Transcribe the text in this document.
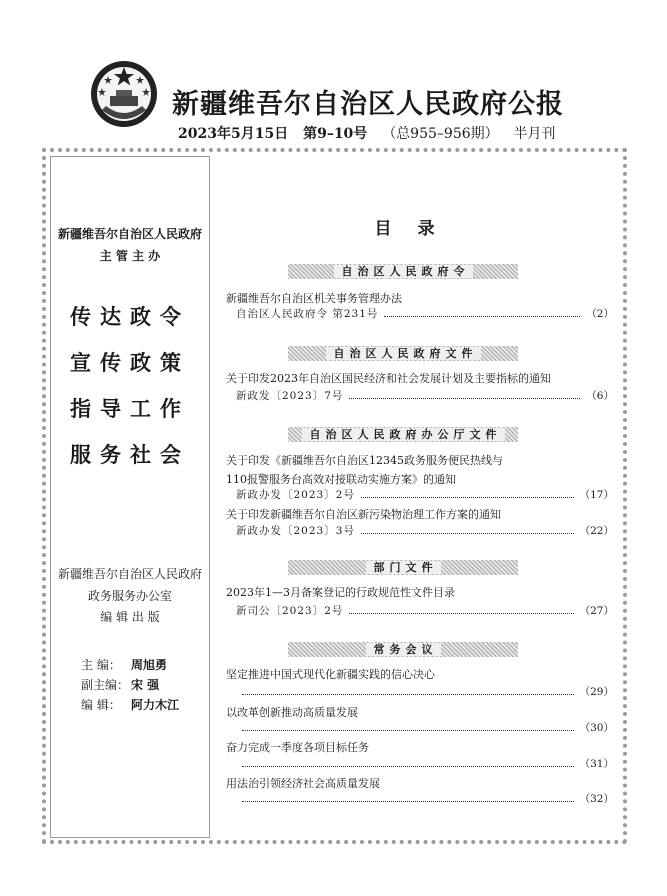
新疆维吾尔自治区人民政府公报
2023年5月15日 第9–10号 （总955–956期） 半月刊
新疆维吾尔自治区人民政府
主 管 主 办
传达政令
宣传政策
指导工作
服务社会
新疆维吾尔自治区人民政府
政务服务办公室
编 辑 出 版
主 编： 周旭勇
副主编： 宋 强
编 辑： 阿力木江
目录
自治区人民政府令
新疆维吾尔自治区机关事务管理办法
自治区人民政府令 第231号	（2）
自治区人民政府文件
关于印发2023年自治区国民经济和社会发展计划及主要指标的通知
新政发〔2023〕7号	（6）
自治区人民政府办公厅文件
关于印发《新疆维吾尔自治区12345政务服务便民热线与
110报警服务台高效对接联动实施方案》的通知
新政办发〔2023〕2号	（17）
关于印发新疆维吾尔自治区新污染物治理工作方案的通知
新政办发〔2023〕3号	（22）
部门文件
2023年1—3月备案登记的行政规范性文件目录
新司公〔2023〕2号	（27）
常务会议
坚定推进中国式现代化新疆实践的信心决心
（29）
以改革创新推动高质量发展
（30）
奋力完成一季度各项目标任务
（31）
用法治引领经济社会高质量发展
（32）
